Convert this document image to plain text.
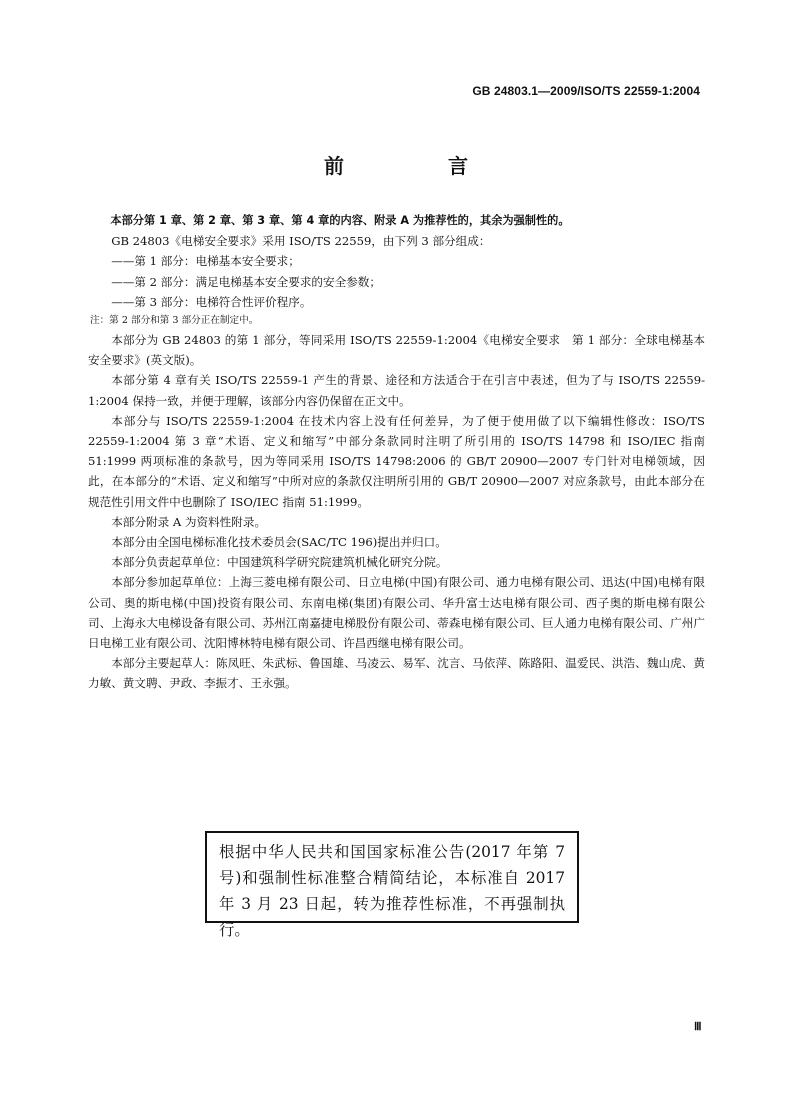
GB 24803.1—2009/ISO/TS 22559-1:2004
前　言

本部分第 1 章、第 2 章、第 3 章、第 4 章的内容、附录 A 为推荐性的，其余为强制性的。

GB 24803《电梯安全要求》采用 ISO/TS 22559，由下列 3 部分组成：

——第 1 部分：电梯基本安全要求；

——第 2 部分：满足电梯基本安全要求的安全参数；

——第 3 部分：电梯符合性评价程序。

注：第 2 部分和第 3 部分正在制定中。

本部分为 GB 24803 的第 1 部分，等同采用 ISO/TS 22559-1:2004《电梯安全要求　第 1 部分：全球电梯基本安全要求》(英文版)。

本部分第 4 章有关 ISO/TS 22559-1 产生的背景、途径和方法适合于在引言中表述，但为了与 ISO/TS 22559-1:2004 保持一致，并便于理解，该部分内容仍保留在正文中。

本部分与 ISO/TS 22559-1:2004 在技术内容上没有任何差异，为了便于使用做了以下编辑性修改：ISO/TS 22559-1:2004 第 3 章“术语、定义和缩写”中部分条款同时注明了所引用的 ISO/TS 14798 和 ISO/IEC 指南 51:1999 两项标准的条款号，因为等同采用 ISO/TS 14798:2006 的 GB/T 20900—2007 专门针对电梯领域，因此，在本部分的“术语、定义和缩写”中所对应的条款仅注明所引用的 GB/T 20900—2007 对应条款号，由此本部分在规范性引用文件中也删除了 ISO/IEC 指南 51:1999。

本部分附录 A 为资料性附录。

本部分由全国电梯标准化技术委员会(SAC/TC 196)提出并归口。

本部分负责起草单位：中国建筑科学研究院建筑机械化研究分院。

本部分参加起草单位：上海三菱电梯有限公司、日立电梯(中国)有限公司、通力电梯有限公司、迅达(中国)电梯有限公司、奥的斯电梯(中国)投资有限公司、东南电梯(集团)有限公司、华升富士达电梯有限公司、西子奥的斯电梯有限公司、上海永大电梯设备有限公司、苏州江南嘉捷电梯股份有限公司、蒂森电梯有限公司、巨人通力电梯有限公司、广州广日电梯工业有限公司、沈阳博林特电梯有限公司、许昌西继电梯有限公司。

本部分主要起草人：陈凤旺、朱武标、鲁国雄、马凌云、易军、沈言、马依萍、陈路阳、温爱民、洪浩、魏山虎、黄力敏、黄文聘、尹政、李振才、王永强。

根据中华人民共和国国家标准公告(2017 年第 7 号)和强制性标准整合精简结论，本标准自 2017 年 3 月 23 日起，转为推荐性标准，不再强制执行。

Ⅲ
